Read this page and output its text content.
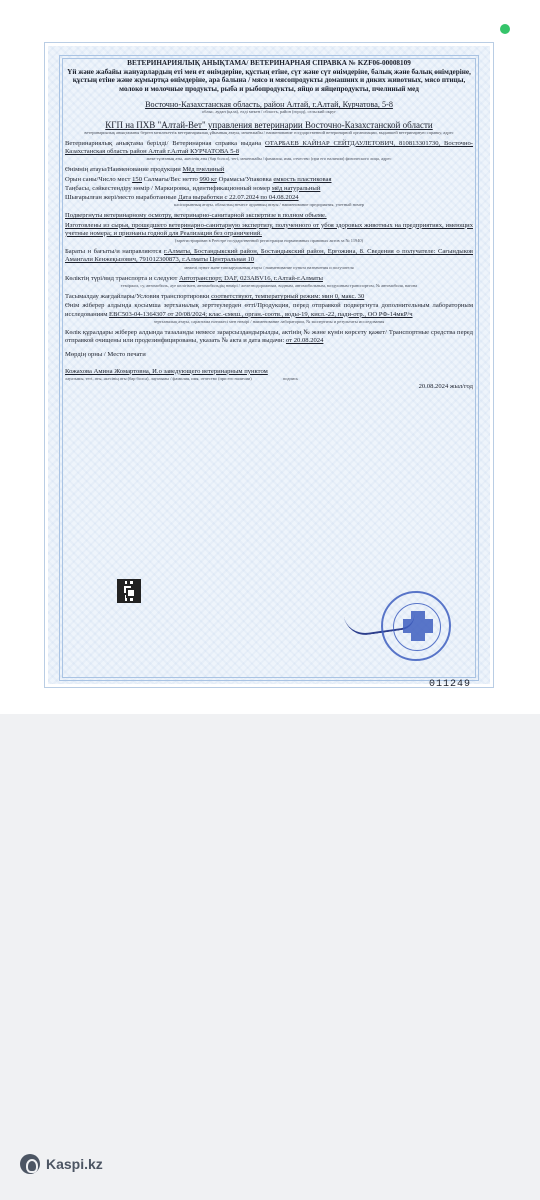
ВЕТЕРИНАРИЯЛЫҚ АНЫҚТАМА/ ВЕТЕРИНАРНАЯ СПРАВКА № KZF06-00008109
Үй және жабайы жануарлардың еті мен ет өнімдеріне, құстың етіне, сүт және сүт өнімдеріне, балық және балық өнімдеріне, құстың етіне және жұмыртқа өнімдеріне, ара балына / мясо и мясопродукты домашних и диких животных, мясо птицы, молоко и молочные продукты, рыба и рыбопродукты, яйцо и яйцепродукты, пчелиный мед
Восточно-Казахстанская область, район Алтай, г.Алтай, Курчатова, 5-8
облыс, аудан (қала), елді мекен / область, район (город), сельский округ
КГП на ПХВ "Алтай-Вет" управления ветеринарии Восточно-Казахстанской области
ветеринариялық анықтаманы берген мемлекеттік ветеринариялық ұйымның атауы, мекенжайы / наименование государственной ветеринарной организации, выдавшей ветеринарную справку, адрес
Ветеринариялық анықтама берілді/ Ветеринарная справка выдана ОТАРБАЕВ КАЙНАР СЕЙТДАУЛЕТОВИЧ, 810813301730, Восточно-Казахстанская область район Алтай г.Алтай КУРЧАТОВА 5-8
жеке тұлғаның аты, әкесінің аты (бар болса), тегі, мекенжайы / фамилия, имя, отчество (при его наличии) физического лица, адрес
Өнімнің атауы/Наименование продукции Мёд пчелиный
Орын саны/Число мест 150 Салмағы/Вес нетто 990 кг Орамасы/Упаковка емкость пластиковая
Таңбасы, сәйкестендіру нөмір / Маркировка, идентификационный номер мёд натуральный
Шығарылған жері/место выработанные Дата выработки с 22.07.2024 по 04.08.2024
кәсіпорынның атауы, облыстың немесе ауданның атауы / наименование предприятия, учетный номер
Подвергнуты ветеринарному осмотру, ветеринарно-санитарной экспертизе в полном объеме.
Изготовлены из сырья, прошедшего ветеринарно-санитарную экспертизу, полученного от убоя здоровых животных на предприятиях, имеющих учетные номера; и признаны годной для Реализация без ограничений.
(зарегистрирован в Реестре государственной регистрации нормативных правовых актов за № 11940)
Бараты н бағыты/и направляются г.Алматы, Бостандыкский район, Бостандыкский район, Ерғожина, 8. Сведения о получателе: Сағындыков Амангали Кенжеқызович, 791012300873, г.Алматы Центральная 10
межелі пункт және тапсырушының атауы / наименование пункта назначения и получателя
Көліктің түрі/вид транспорта и следуют Автотранспорт, DAF, 023ABV16, г.Алтай-г.Алматы
теміржол, су, автомобиль, әуе көлігімен, автомобильдің нөмірі / железнодорожным, водным, автомобильным, воздушным транспортом, № автомобиля, вагона
Тасымалдау жағдайлары/Условия транспортировки соответствуют, температурный режим: мин 0, макс. 30
Өнім жіберер алдында қосымша зертханалық зерттеулерден өтті/Продукция, перед отправкой подвергнута дополнительным лабораторным исследованиям ЕВС503-04-1364307 от 20/08/2024; клас.-смеш., орган.-соотв., воды-19, кисл.-22, пади-отр., ОО РФ-14мкР/ч
зертханалық атауы, сараптама нәтижесі мен нөмірі / наименование лаборатории, № экспертизы и результаты исследования
Көлік құралдары жіберер алдында тазаланды немесе зарарсыздандырылды, актінің № және күнін көрсету қажет/ Транспортные средства перед отправкой очищены или продезинфицированы, указать № акта и дата выдачи: от 20.08.2024
Мөрдің орны / Место печати
Кожахова Амина Жомартовна, И.о заведующего ветеринарным пунктом
лауазымы, тегі, аты, әкесінің аты (бар болса), лауазымы / фамилия, имя, отчество (при его наличии)	подпись
20.08.2024 жыл/год
011249
Kaspi.kz
